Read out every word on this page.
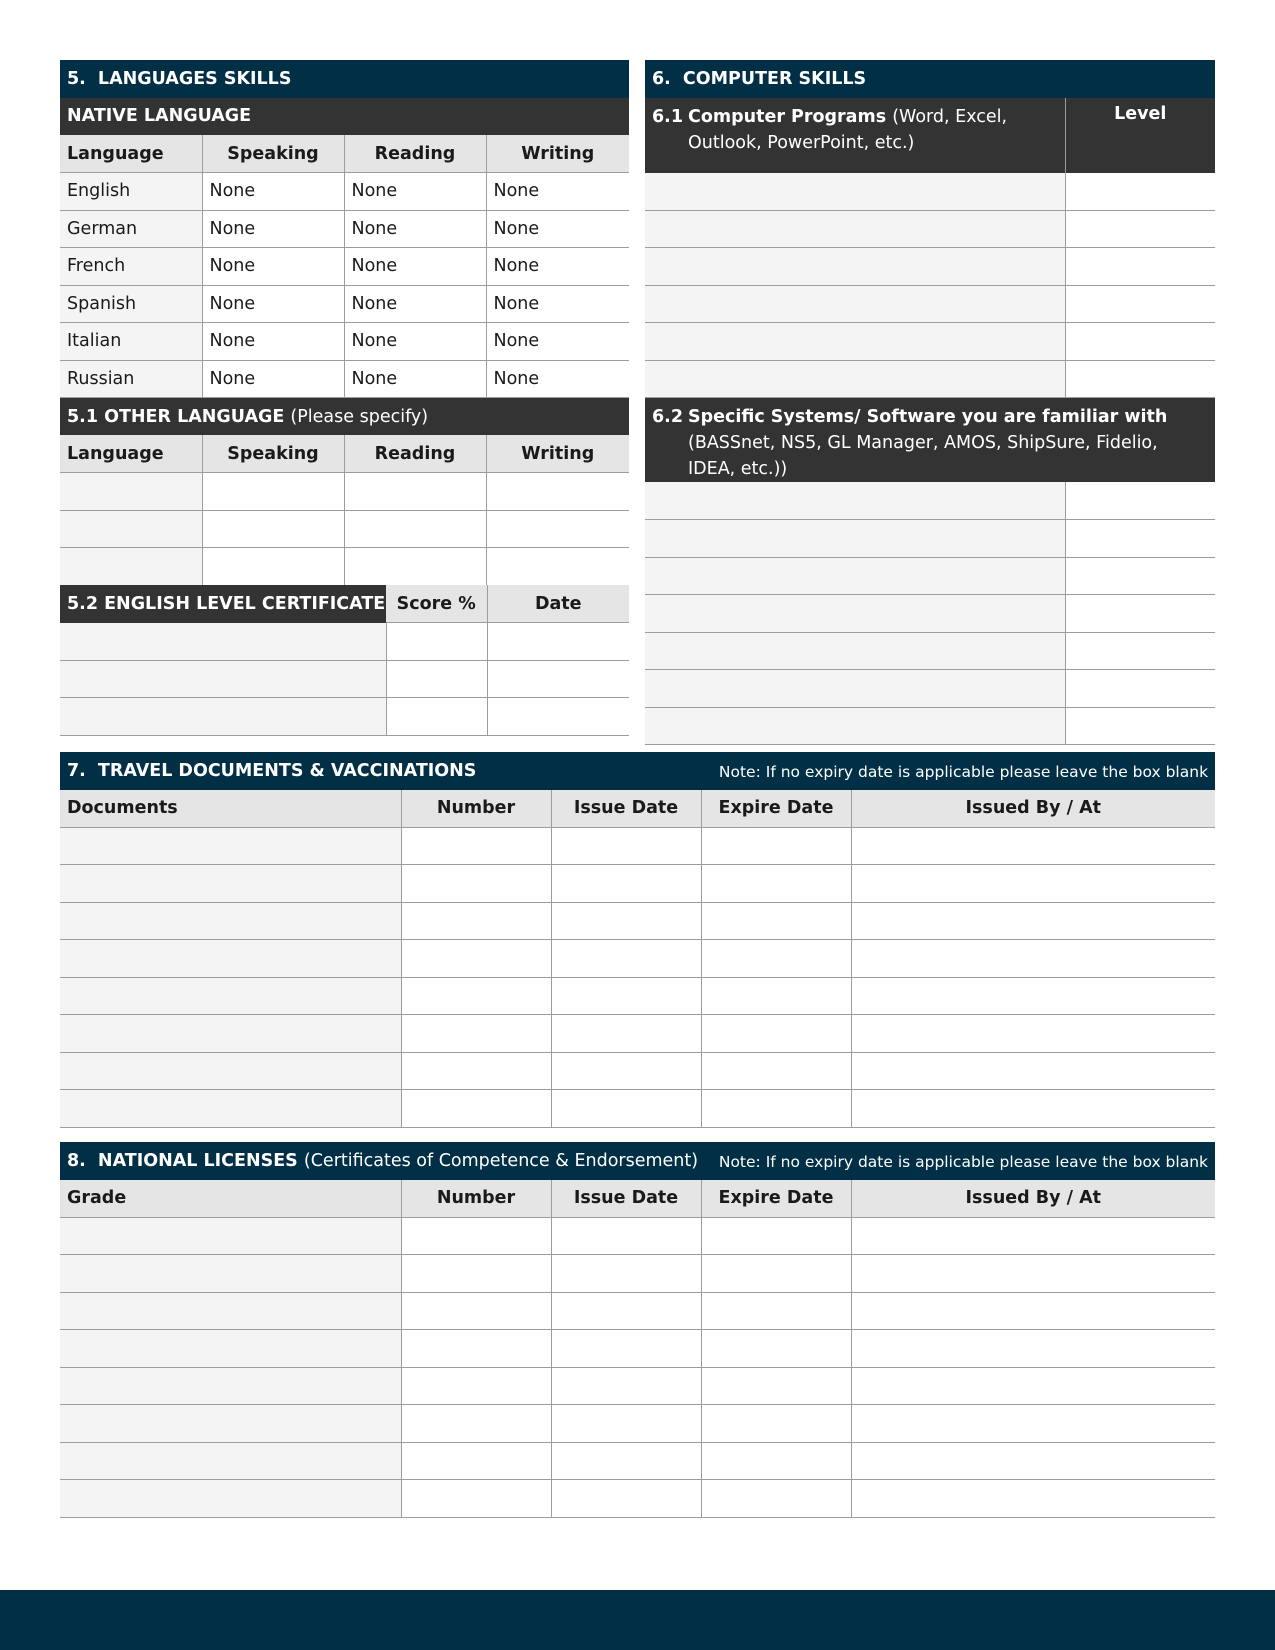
5. LANGUAGES SKILLS			
NATIVE LANGUAGE			
Language	Speaking	Reading	Writing
English	None	None	None
German	None	None	None
French	None	None	None
Spanish	None	None	None
Italian	None	None	None
Russian	None	None	None
5.1 OTHER LANGUAGE (Please specify)			
Language	Speaking	Reading	Writing

5.2 ENGLISH LEVEL CERTIFICATE	Score %	Date

6. COMPUTER SKILLS	

6.1 Computer Programs (Word, Excel, Outlook, PowerPoint, etc.)	Level

6.2 Specific Systems/ Software you are familiar with (BASSnet, NS5, GL Manager, AMOS, ShipSure, Fidelio, IDEA, etc.))	

7. TRAVEL DOCUMENTS & VACCINATIONS Note: If no expiry date is applicable please leave the box blank				

Documents	Number	Issue Date	Expire Date	Issued By / At

8. NATIONAL LICENSES (Certificates of Competence & Endorsement) Note: If no expiry date is applicable please leave the box blank				

Grade	Number	Issue Date	Expire Date	Issued By / At
